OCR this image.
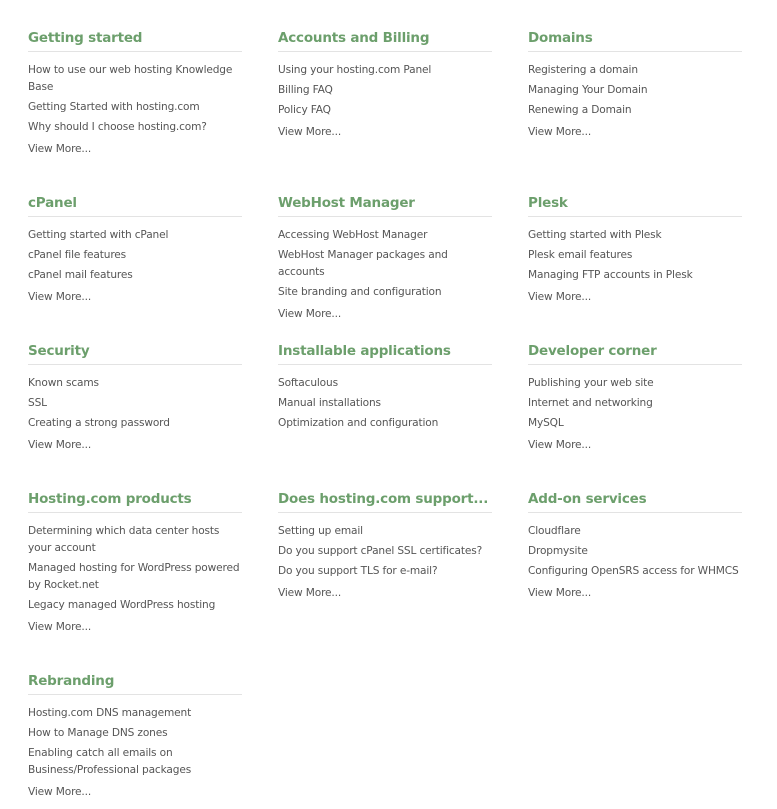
Getting started
How to use our web hosting Knowledge Base
Getting Started with hosting.com
Why should I choose hosting.com?
View More...
Accounts and Billing
Using your hosting.com Panel
Billing FAQ
Policy FAQ
View More...
Domains
Registering a domain
Managing Your Domain
Renewing a Domain
View More...
cPanel
Getting started with cPanel
cPanel file features
cPanel mail features
View More...
WebHost Manager
Accessing WebHost Manager
WebHost Manager packages and accounts
Site branding and configuration
View More...
Plesk
Getting started with Plesk
Plesk email features
Managing FTP accounts in Plesk
View More...
Security
Known scams
SSL
Creating a strong password
View More...
Installable applications
Softaculous
Manual installations
Optimization and configuration
Developer corner
Publishing your web site
Internet and networking
MySQL
View More...
Hosting.com products
Determining which data center hosts your account
Managed hosting for WordPress powered by Rocket.net
Legacy managed WordPress hosting
View More...
Does hosting.com support...
Setting up email
Do you support cPanel SSL certificates?
Do you support TLS for e-mail?
View More...
Add-on services
Cloudflare
Dropmysite
Configuring OpenSRS access for WHMCS
View More...
Rebranding
Hosting.com DNS management
How to Manage DNS zones
Enabling catch all emails on Business/Professional packages
View More...
